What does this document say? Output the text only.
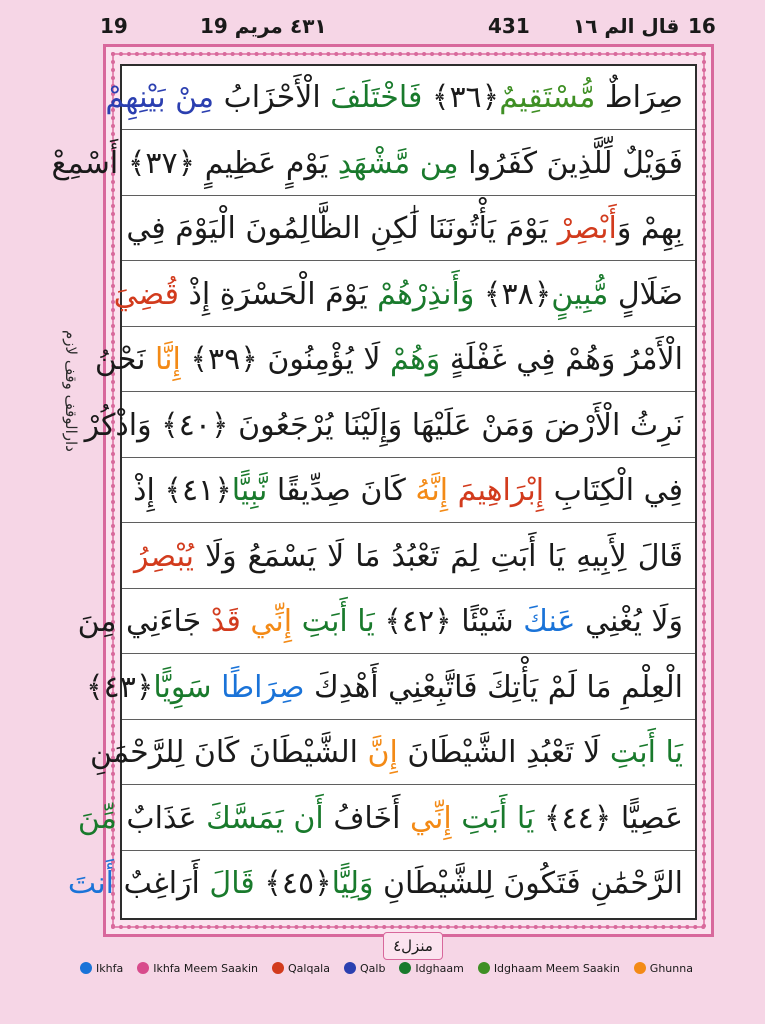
19	19 مریم ٤٣١	431 قال الم ١٦ 16
دارالوقف وقف لازم
صِرَاطٌ مُّسْتَقِيمٌ﴿٣٦﴾ فَاخْتَلَفَ الْأَحْزَابُ مِنْ بَيْنِهِمْ
فَوَيْلٌ لِّلَّذِينَ كَفَرُوا مِن مَّشْهَدِ يَوْمٍ عَظِيمٍ ﴿٣٧﴾ أَسْمِعْ
بِهِمْ وَأَبْصِرْ يَوْمَ يَأْتُونَنَا لَٰكِنِ الظَّالِمُونَ الْيَوْمَ فِي
ضَلَالٍ مُّبِينٍ﴿٣٨﴾ وَأَنذِرْهُمْ يَوْمَ الْحَسْرَةِ إِذْ قُضِيَ
الْأَمْرُ وَهُمْ فِي غَفْلَةٍ وَهُمْ لَا يُؤْمِنُونَ ﴿٣٩﴾ إِنَّا نَحْنُ
نَرِثُ الْأَرْضَ وَمَنْ عَلَيْهَا وَإِلَيْنَا يُرْجَعُونَ ﴿٤٠﴾ وَاذْكُرْ
فِي الْكِتَابِ إِبْرَاهِيمَ إِنَّهُ كَانَ صِدِّيقًا نَّبِيًّا﴿٤١﴾ إِذْ
قَالَ لِأَبِيهِ يَا أَبَتِ لِمَ تَعْبُدُ مَا لَا يَسْمَعُ وَلَا يُبْصِرُ
وَلَا يُغْنِي عَنكَ شَيْئًا ﴿٤٢﴾ يَا أَبَتِ إِنِّي قَدْ جَاءَنِي مِنَ
الْعِلْمِ مَا لَمْ يَأْتِكَ فَاتَّبِعْنِي أَهْدِكَ صِرَاطًا سَوِيًّا﴿٤٣﴾
يَا أَبَتِ لَا تَعْبُدِ الشَّيْطَانَ إِنَّ الشَّيْطَانَ كَانَ لِلرَّحْمَٰنِ
عَصِيًّا ﴿٤٤﴾ يَا أَبَتِ إِنِّي أَخَافُ أَن يَمَسَّكَ عَذَابٌ مِّنَ
الرَّحْمَٰنِ فَتَكُونَ لِلشَّيْطَانِ وَلِيًّا﴿٤٥﴾ قَالَ أَرَاغِبٌ أَنتَ
منزل٤
Ikhfa	Ikhfa Meem Saakin	Qalqala	Qalb	Idghaam	Idghaam Meem Saakin	Ghunna
